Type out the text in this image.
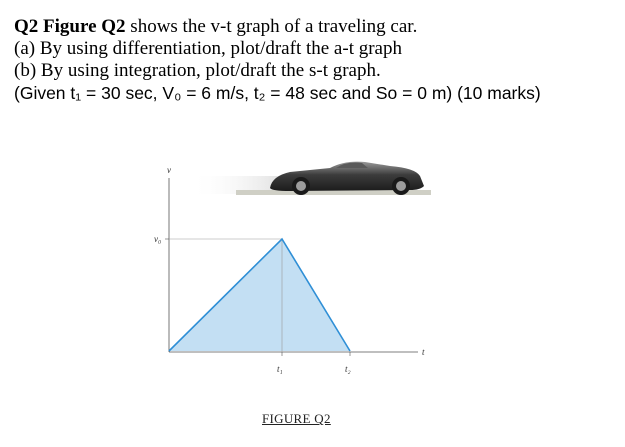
Q2 Figure Q2 shows the v-t graph of a traveling car.
(a) By using differentiation, plot/draft the a-t graph
(b) By using integration, plot/draft the s-t graph.
(Given t₁ = 30 sec, V₀ = 6 m/s, t₂ = 48 sec and So = 0 m) (10 marks)
v
t
v₀
t₁	t₂
FIGURE Q2
